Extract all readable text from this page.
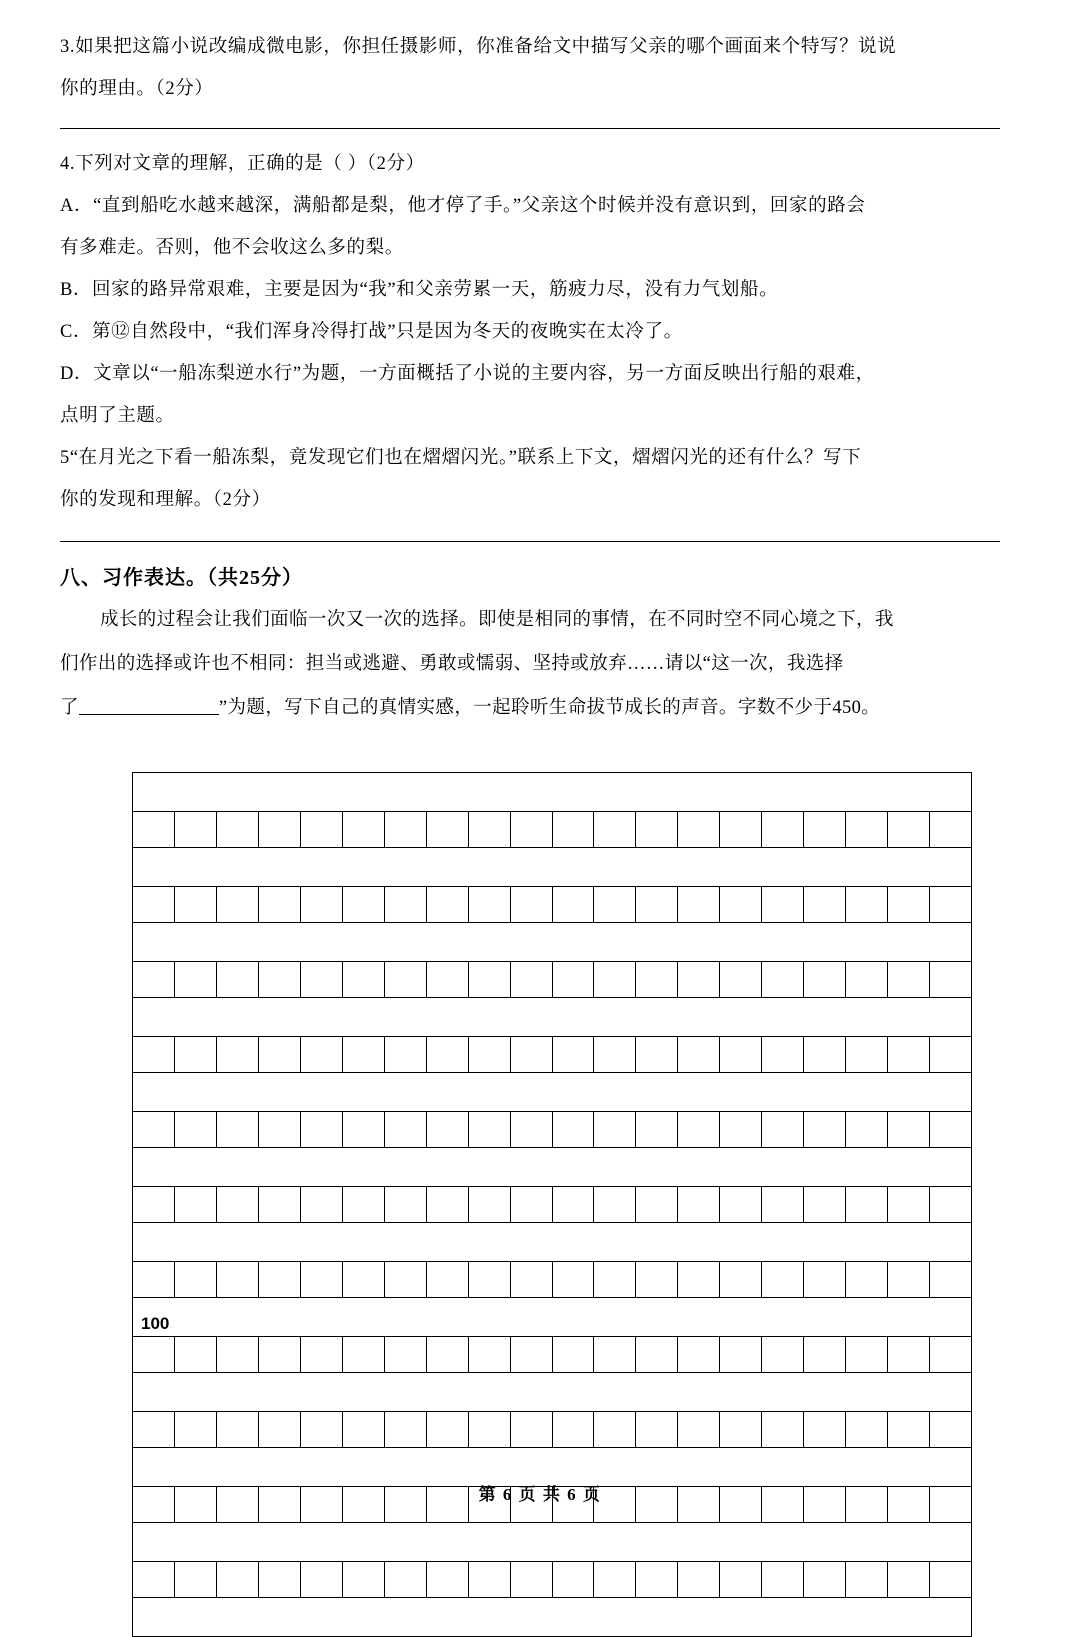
3.如果把这篇小说改编成微电影，你担任摄影师，你准备给文中描写父亲的哪个画面来个特写？说说
你的理由。（2分）
4.下列对文章的理解，正确的是（ ）（2分）
A．“直到船吃水越来越深，满船都是梨，他才停了手。”父亲这个时候并没有意识到，回家的路会
有多难走。否则，他不会收这么多的梨。
B．回家的路异常艰难，主要是因为“我”和父亲劳累一天，筋疲力尽，没有力气划船。
C．第⑫自然段中，“我们浑身冷得打战”只是因为冬天的夜晚实在太冷了。
D．文章以“一船冻梨逆水行”为题，一方面概括了小说的主要内容，另一方面反映出行船的艰难，
点明了主题。
5“在月光之下看一船冻梨，竟发现它们也在熠熠闪光。”联系上下文，熠熠闪光的还有什么？写下
你的发现和理解。（2分）
八、习作表达。（共25分）
成长的过程会让我们面临一次又一次的选择。即使是相同的事情，在不同时空不同心境之下，我
们作出的选择或许也不相同：担当或逃避、勇敢或懦弱、坚持或放弃……请以“这一次，我选择
了	”为题，写下自己的真情实感，一起聆听生命拔节成长的声音。字数不少于450。
100
第 6 页 共 6 页
